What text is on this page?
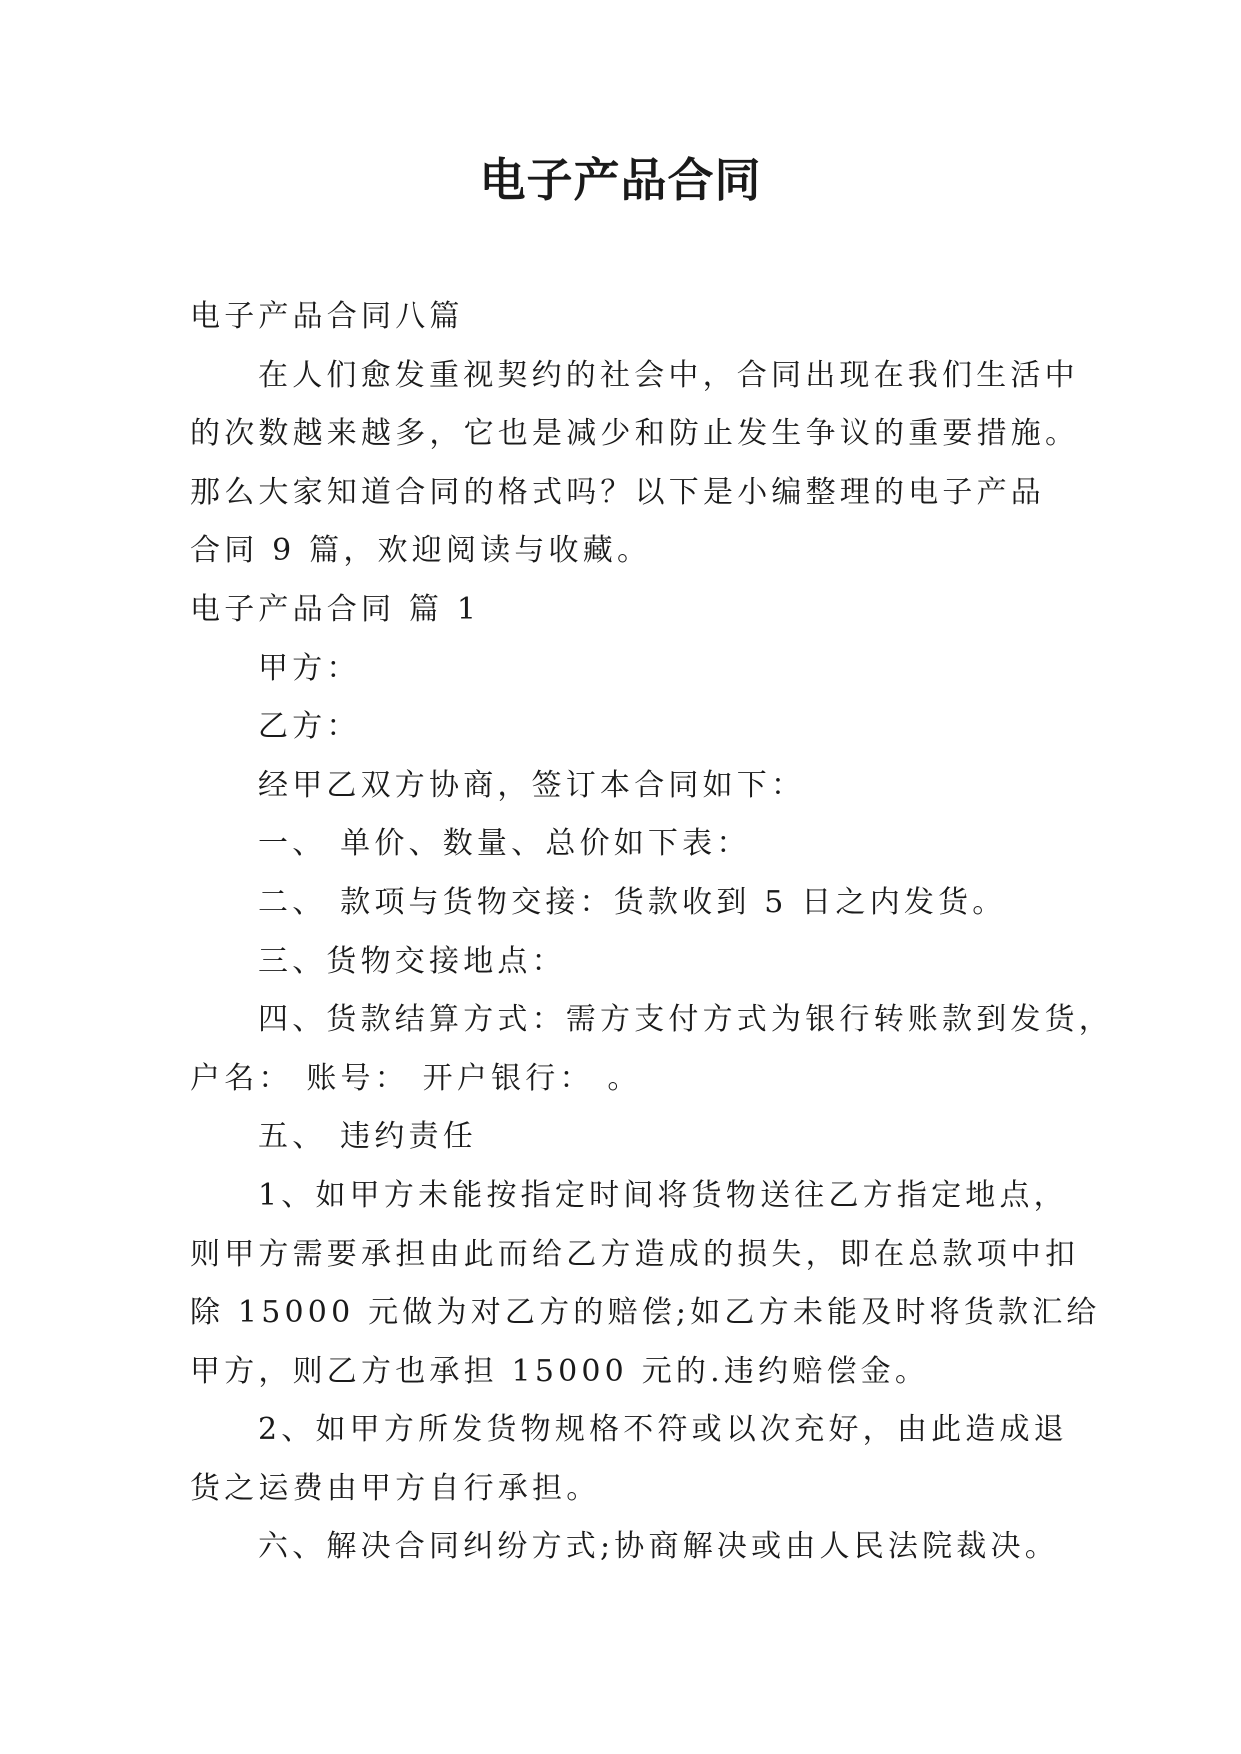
电子产品合同

电子产品合同八篇

在人们愈发重视契约的社会中，合同出现在我们生活中

的次数越来越多，它也是减少和防止发生争议的重要措施。

那么大家知道合同的格式吗？以下是小编整理的电子产品

合同 9 篇，欢迎阅读与收藏。

电子产品合同 篇 1

甲方：

乙方：

经甲乙双方协商，签订本合同如下：

一、 单价、数量、总价如下表：

二、 款项与货物交接：货款收到 5 日之内发货。

三、货物交接地点：

四、货款结算方式：需方支付方式为银行转账款到发货，

户名： 账号： 开户银行： 。

五、 违约责任

1、如甲方未能按指定时间将货物送往乙方指定地点，

则甲方需要承担由此而给乙方造成的损失，即在总款项中扣

除 15000 元做为对乙方的赔偿;如乙方未能及时将货款汇给

甲方，则乙方也承担 15000 元的.违约赔偿金。

2、如甲方所发货物规格不符或以次充好，由此造成退

货之运费由甲方自行承担。

六、解决合同纠纷方式;协商解决或由人民法院裁决。
